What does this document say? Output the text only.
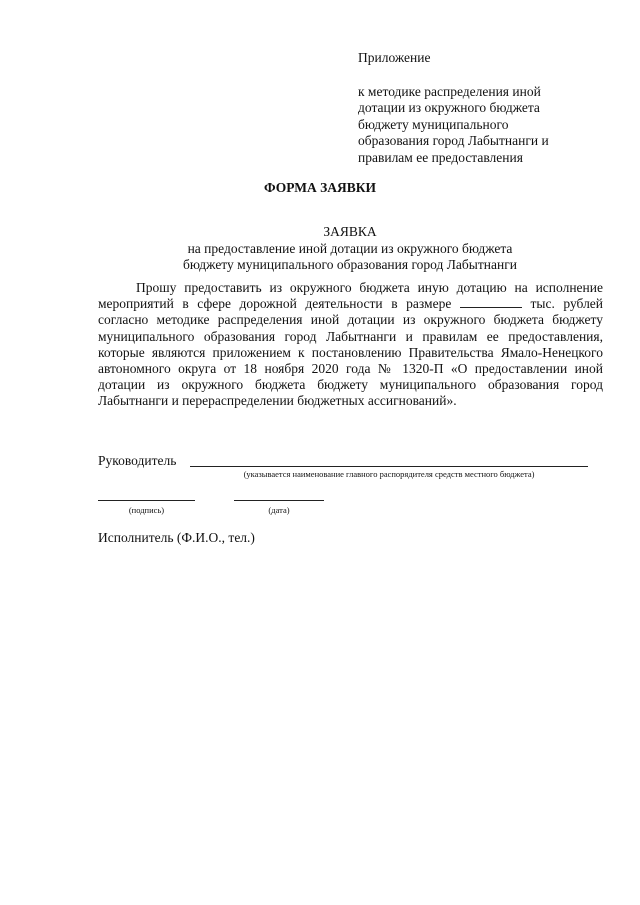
Приложение
к методике распределения иной
дотации из окружного бюджета
бюджету муниципального
образования город Лабытнанги и
правилам ее предоставления
ФОРМА ЗАЯВКИ
ЗАЯВКА
на предоставление иной дотации из окружного бюджета
бюджету муниципального образования город Лабытнанги
Прошу предоставить из окружного бюджета иную дотацию на исполнение мероприятий в сфере дорожной деятельности в размере	тыс. рублей согласно методике распределения иной дотации из окружного бюджета бюджету муниципального образования город Лабытнанги и правилам ее предоставления, которые являются приложением к постановлению Правительства Ямало-Ненецкого автономного округа от 18 ноября 2020 года № 1320-П «О предоставлении иной дотации из окружного бюджета бюджету муниципального образования город Лабытнанги и перераспределении бюджетных ассигнований».
Руководитель
(указывается наименование главного распорядителя средств местного бюджета)
(подпись)	(дата)
Исполнитель (Ф.И.О., тел.)
